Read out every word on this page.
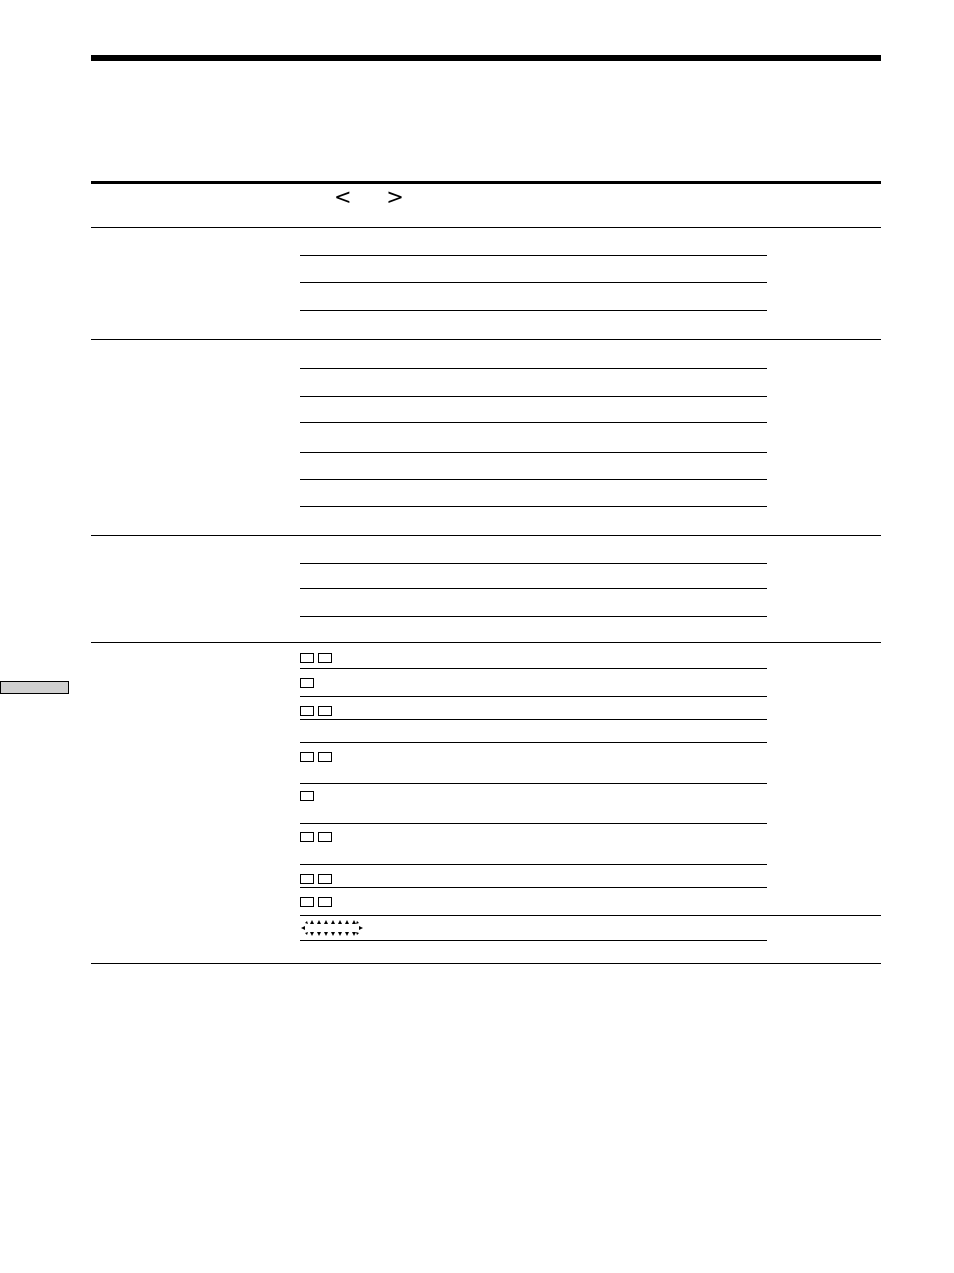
< >
